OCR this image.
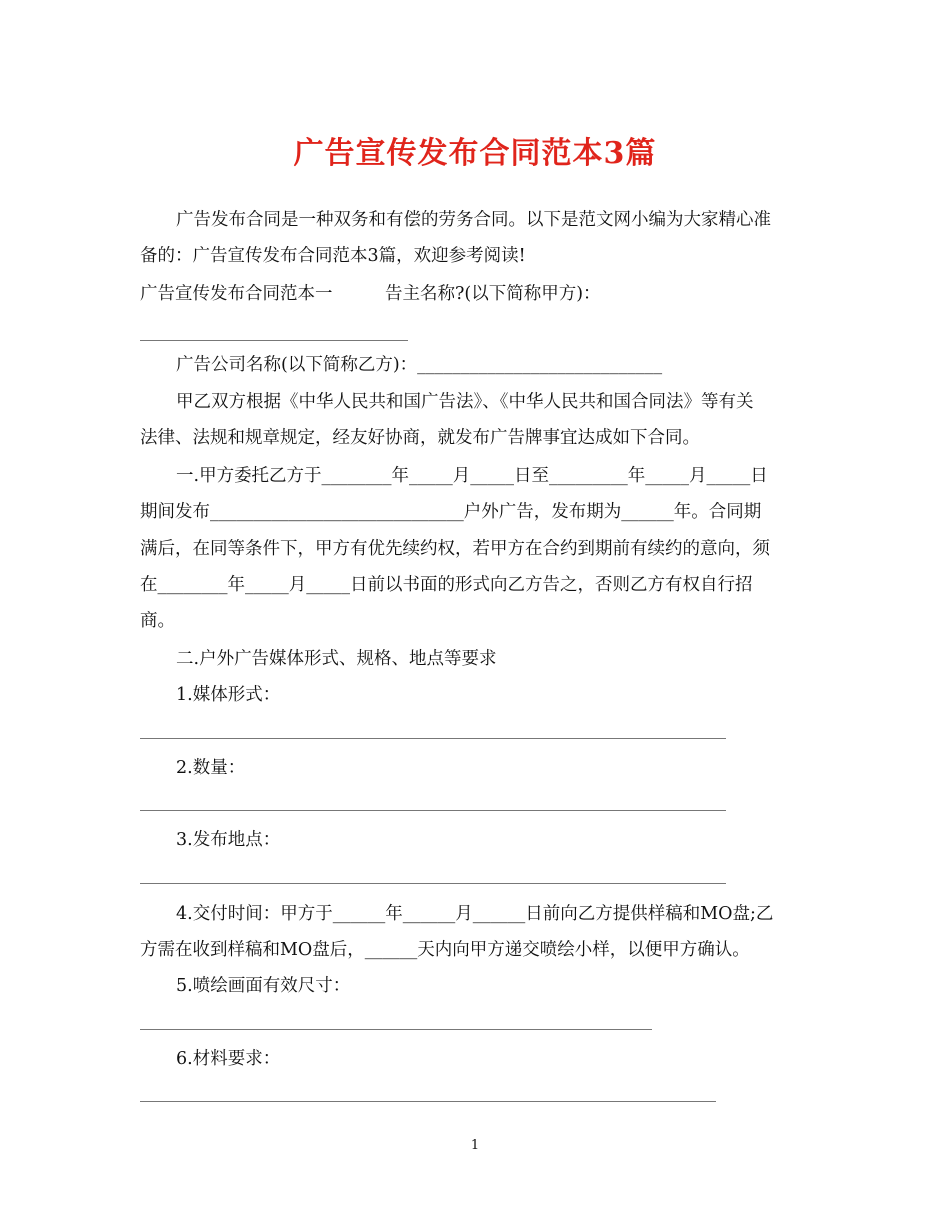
广告宣传发布合同范本3篇
广告发布合同是一种双务和有偿的劳务合同。以下是范文网小编为大家精心准
备的：广告宣传发布合同范本3篇，欢迎参考阅读!
广告宣传发布合同范本一　　　告主名称?(以下简称甲方)：
广告公司名称(以下简称乙方)：____________________________
甲乙双方根据《中华人民共和国广告法》、《中华人民共和国合同法》等有关
法律、法规和规章规定，经友好协商，就发布广告牌事宜达成如下合同。
一.甲方委托乙方于________年_____月_____日至_________年_____月_____日
期间发布_____________________________户外广告，发布期为______年。合同期
满后，在同等条件下，甲方有优先续约权，若甲方在合约到期前有续约的意向，须
在________年_____月_____日前以书面的形式向乙方告之，否则乙方有权自行招
商。
二.户外广告媒体形式、规格、地点等要求
1.媒体形式：
2.数量：
3.发布地点：
4.交付时间：甲方于______年______月______日前向乙方提供样稿和MO盘;乙
方需在收到样稿和MO盘后，______天内向甲方递交喷绘小样，以便甲方确认。
5.喷绘画面有效尺寸：
6.材料要求：
1
